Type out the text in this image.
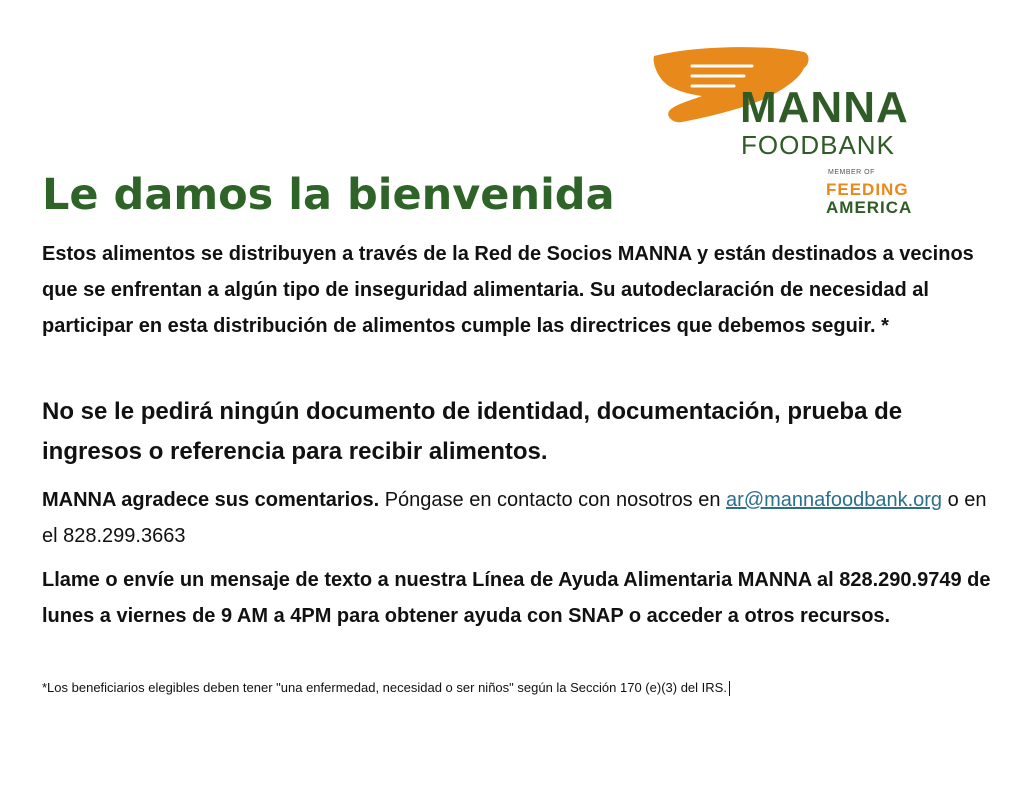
MANNA
FOODBANK
MEMBER OF
FEEDING
AMERICA
Le damos la bienvenida

Estos alimentos se distribuyen a través de la Red de Socios MANNA y están destinados a vecinos que se enfrentan a algún tipo de inseguridad alimentaria. Su autodeclaración de necesidad al participar en esta distribución de alimentos cumple las directrices que debemos seguir. *

No se le pedirá ningún documento de identidad, documentación, prueba de ingresos o referencia para recibir alimentos.

MANNA agradece sus comentarios. Póngase en contacto con nosotros en ar@mannafoodbank.org o en el 828.299.3663

Llame o envíe un mensaje de texto a nuestra Línea de Ayuda Alimentaria MANNA al 828.290.9749 de lunes a viernes de 9 AM a 4PM para obtener ayuda con SNAP o acceder a otros recursos.

*Los beneficiarios elegibles deben tener "una enfermedad, necesidad o ser niños" según la Sección 170 (e)(3) del IRS.
